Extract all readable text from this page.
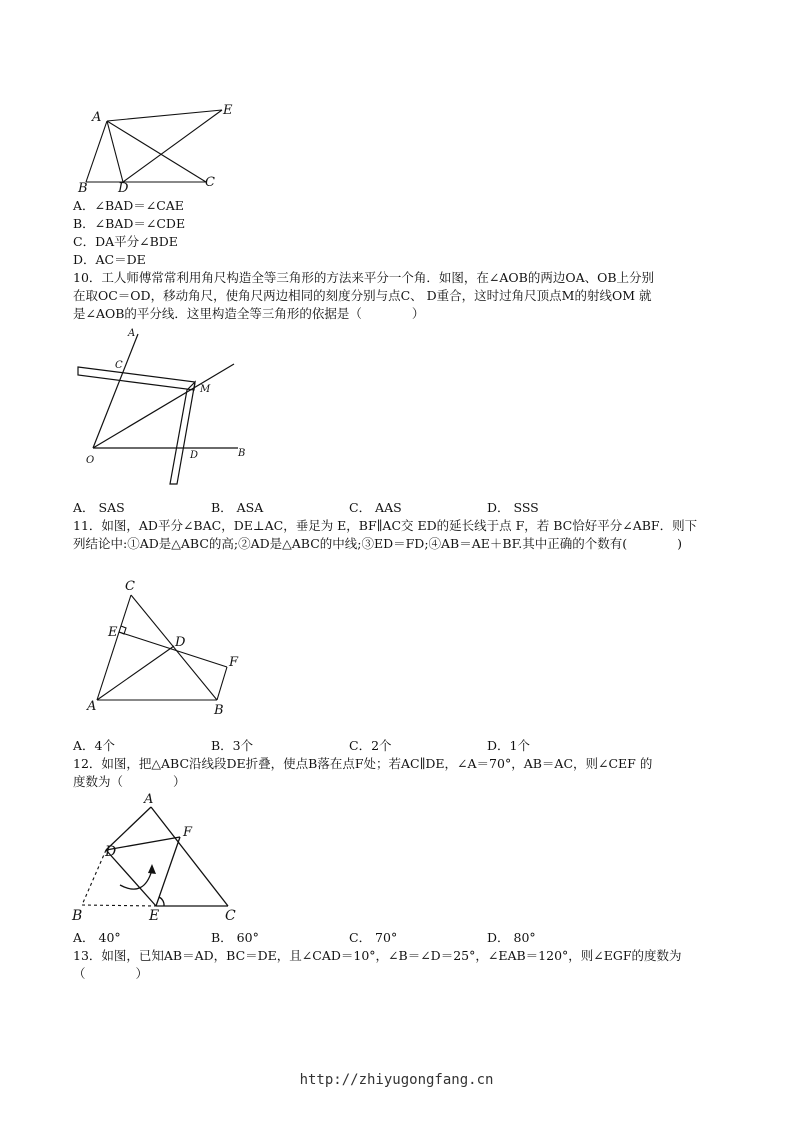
A	E
B D	C
A．∠BAD＝∠CAE
B．∠BAD＝∠CDE
C．DA平分∠BDE
D．AC＝DE
10．工人师傅常常利用角尺构造全等三角形的方法来平分一个角．如图，在∠AOB的两边OA、OB上分别
在取OC＝OD，移动角尺，使角尺两边相同的刻度分别与点C、 D重合，这时过角尺顶点M的射线OM 就
是∠AOB的平分线．这里构造全等三角形的依据是（　　　　）
A
C
M
O	D	B
A． SAS	B． ASA	C． AAS	D． SSS
11．如图，AD平分∠BAC，DE⊥AC，垂足为 E，BF∥AC交 ED的延长线于点 F，若 BC恰好平分∠ABF．则下
列结论中:①AD是△ABC的高;②AD是△ABC的中线;③ED＝FD;④AB＝AE＋BF.其中正确的个数有(　　　　)
C
E
D
F
A	B
A．4个	B．3个	C．2个	D．1个
12．如图，把△ABC沿线段DE折叠，使点B落在点F处；若AC∥DE，∠A＝70°，AB＝AC，则∠CEF 的
度数为（　　　　）
A
F
D
B	E	C
A． 40°	B． 60°	C． 70°	D． 80°
13．如图，已知AB＝AD，BC＝DE，且∠CAD＝10°，∠B＝∠D＝25°，∠EAB＝120°，则∠EGF的度数为
（　　　　）
http://zhiyugongfang.cn
